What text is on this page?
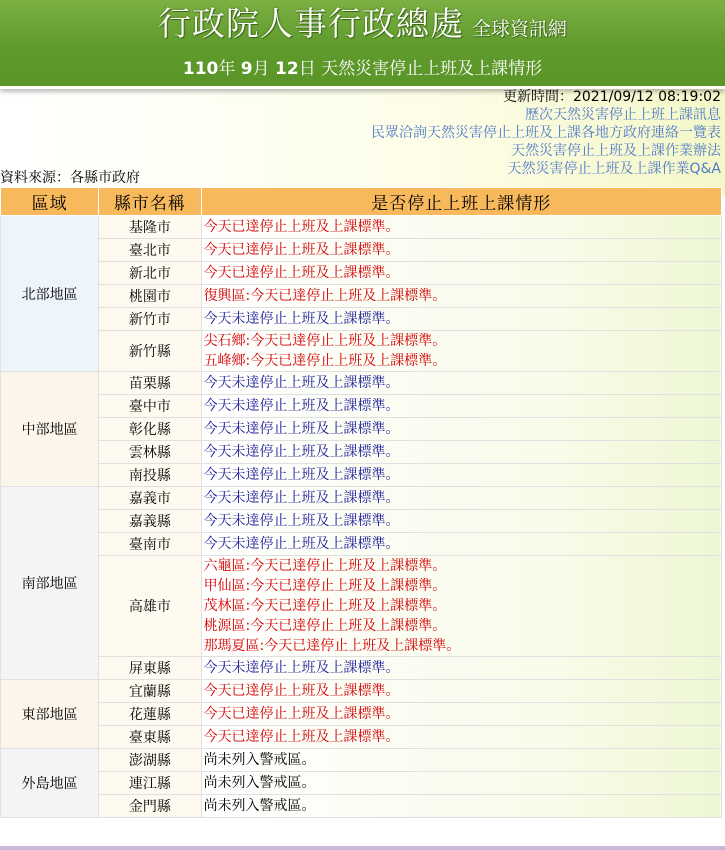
行政院人事行政總處 全球資訊網
110年 9月 12日 天然災害停止上班及上課情形
更新時間：2021/09/12 08:19:02
歷次天然災害停止上班上課訊息
民眾洽詢天然災害停止上班及上課各地方政府連絡一覽表
天然災害停止上班及上課作業辦法
天然災害停止上班及上課作業Q&A
資料來源：各縣市政府
區域	縣市名稱	是否停止上班上課情形
北部地區	基隆市	今天已達停止上班及上課標準。

	臺北市	今天已達停止上班及上課標準。

	新北市	今天已達停止上班及上課標準。

	桃園市	復興區:今天已達停止上班及上課標準。

	新竹市	今天未達停止上班及上課標準。

	新竹縣	尖石鄉:今天已達停止上班及上課標準。
五峰鄉:今天已達停止上班及上課標準。

中部地區	苗栗縣	今天未達停止上班及上課標準。

	臺中市	今天未達停止上班及上課標準。

	彰化縣	今天未達停止上班及上課標準。

	雲林縣	今天未達停止上班及上課標準。

	南投縣	今天未達停止上班及上課標準。

南部地區	嘉義市	今天未達停止上班及上課標準。

	嘉義縣	今天未達停止上班及上課標準。

	臺南市	今天未達停止上班及上課標準。

	高雄市	六龜區:今天已達停止上班及上課標準。
甲仙區:今天已達停止上班及上課標準。
茂林區:今天已達停止上班及上課標準。
桃源區:今天已達停止上班及上課標準。
那瑪夏區:今天已達停止上班及上課標準。

	屏東縣	今天未達停止上班及上課標準。

東部地區	宜蘭縣	今天已達停止上班及上課標準。

	花蓮縣	今天已達停止上班及上課標準。

	臺東縣	今天已達停止上班及上課標準。

外島地區	澎湖縣	尚未列入警戒區。

	連江縣	尚未列入警戒區。

	金門縣	尚未列入警戒區。
